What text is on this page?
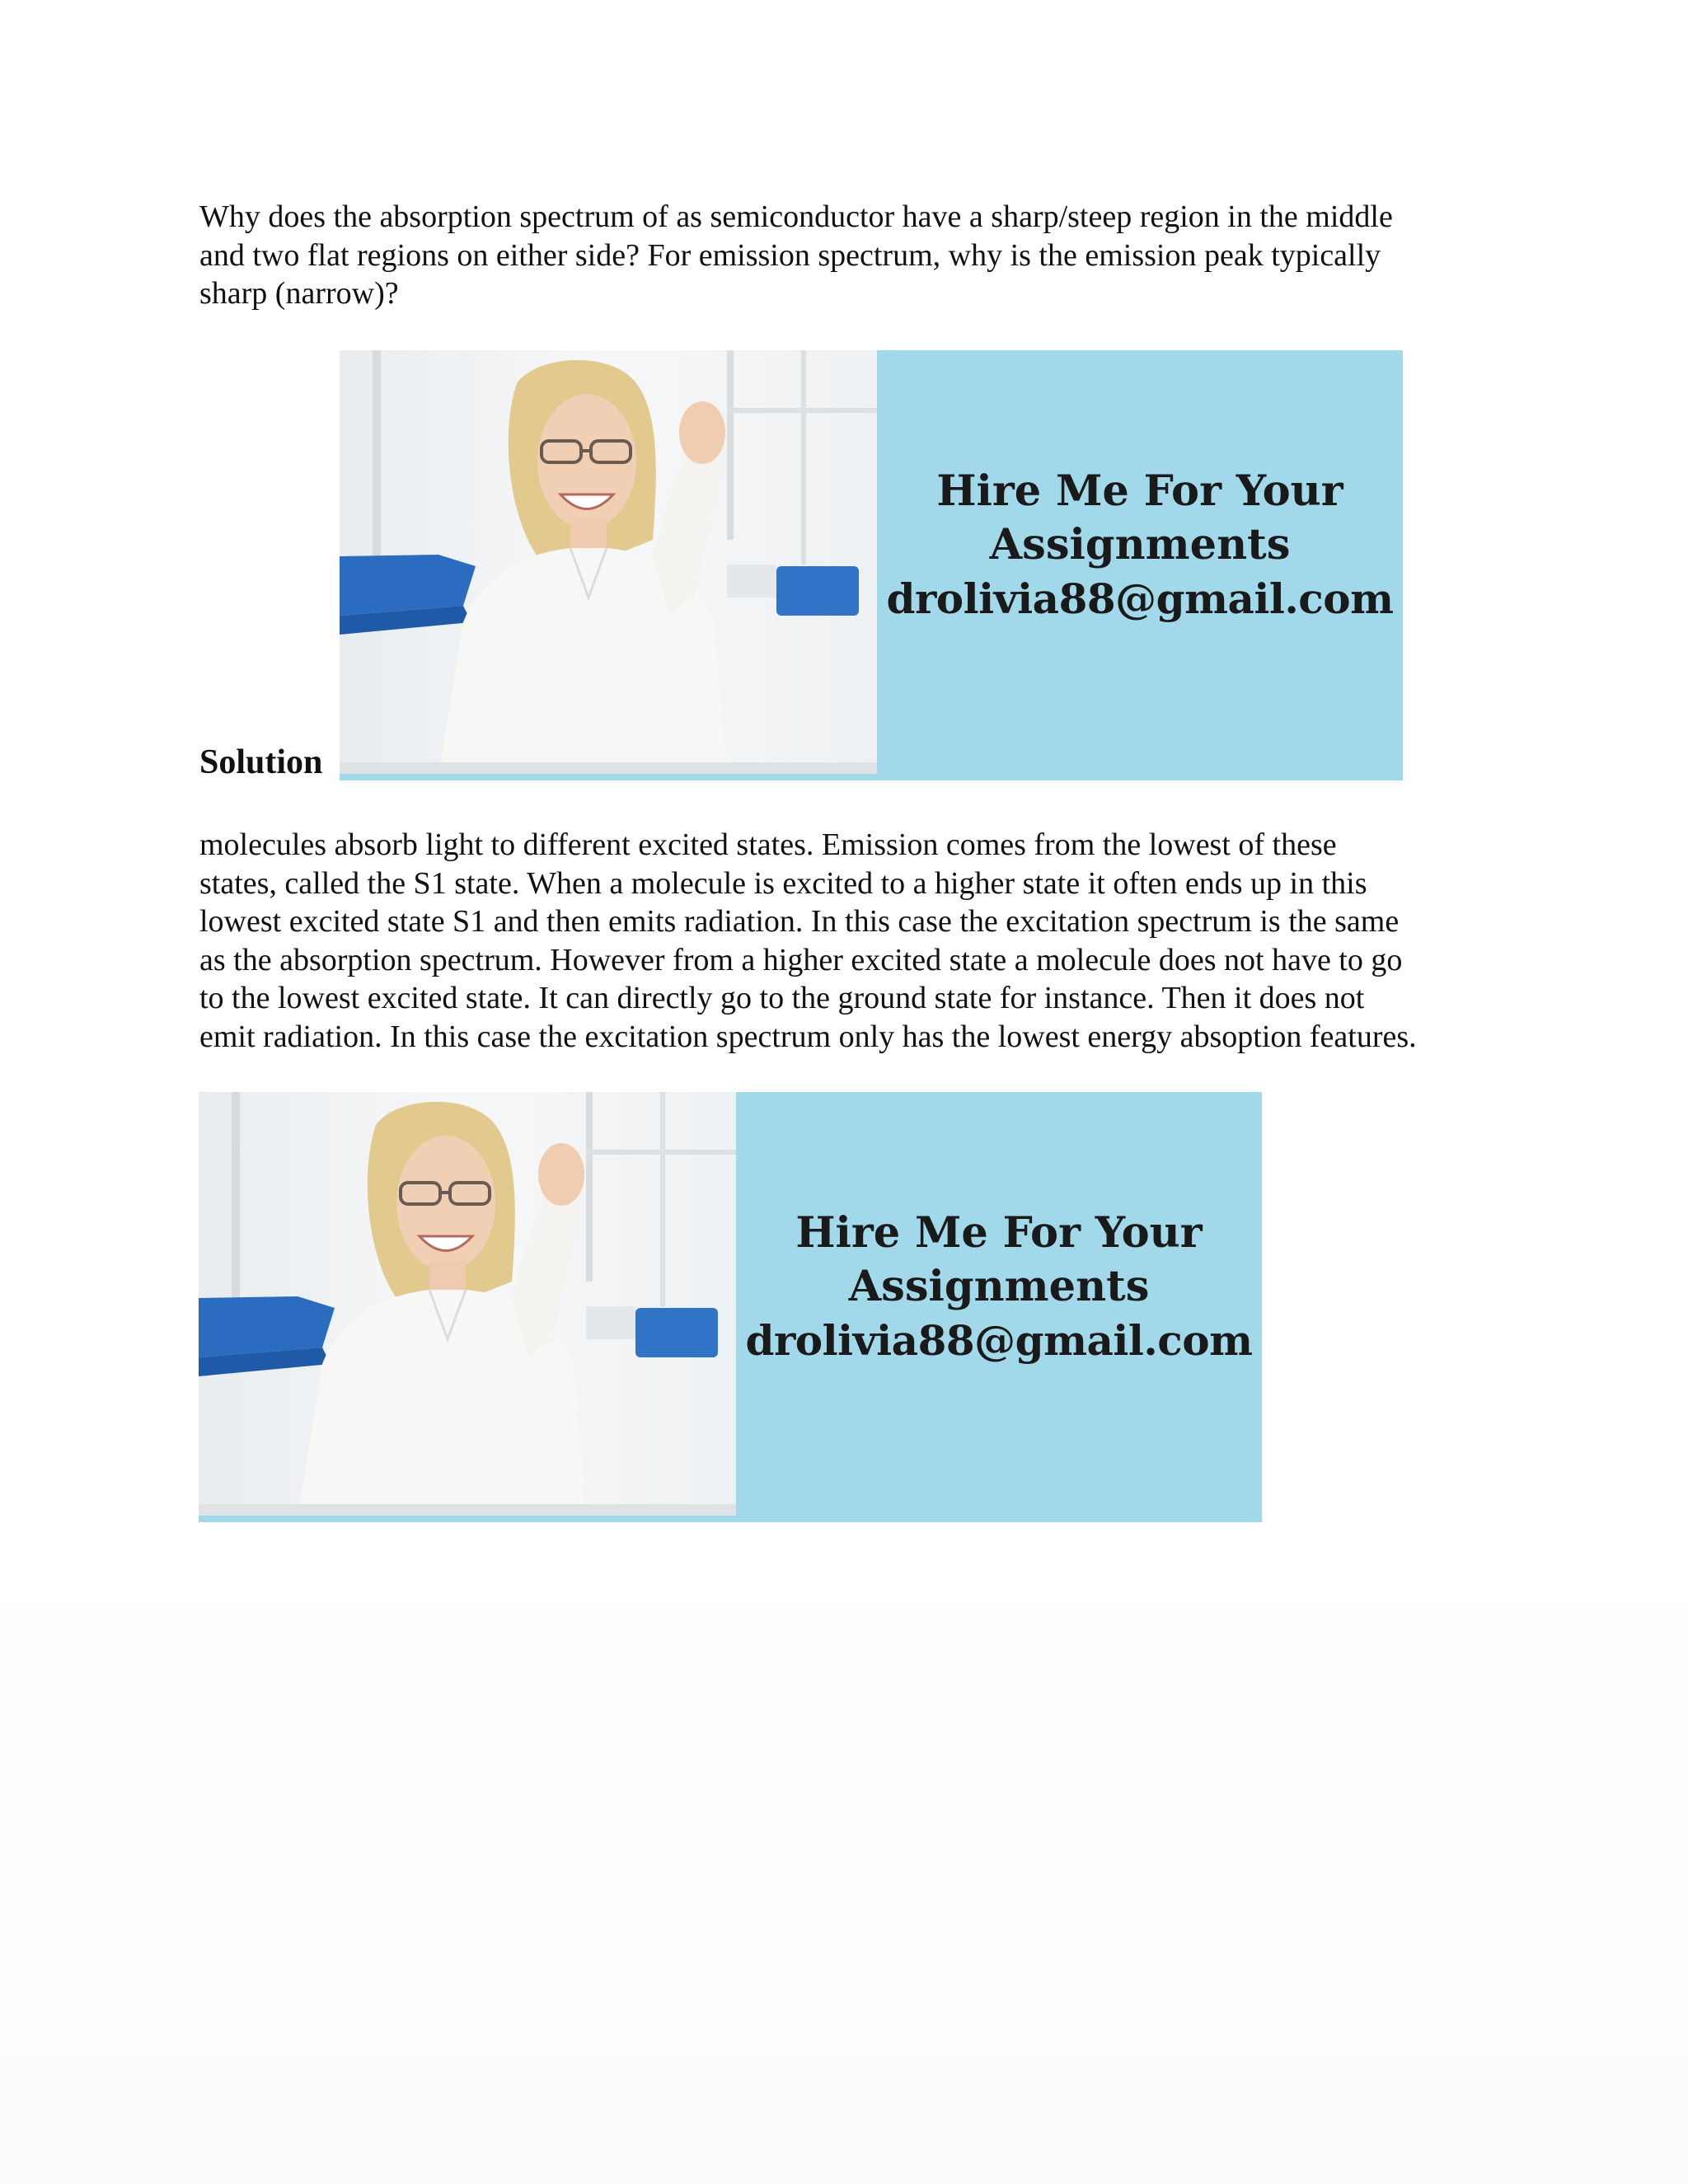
Why does the absorption spectrum of as semiconductor have a sharp/steep region in the middle
and two flat regions on either side? For emission spectrum, why is the emission peak typically
sharp (narrow)?

Hire Me For Your
Assignments
drolivia88@gmail.com
Solution

molecules absorb light to different excited states. Emission comes from the lowest of these
states, called the S1 state. When a molecule is excited to a higher state it often ends up in this
lowest excited state S1 and then emits radiation. In this case the excitation spectrum is the same
as the absorption spectrum. However from a higher excited state a molecule does not have to go
to the lowest excited state. It can directly go to the ground state for instance. Then it does not
emit radiation. In this case the excitation spectrum only has the lowest energy absoption features.

Hire Me For Your
Assignments
drolivia88@gmail.com
